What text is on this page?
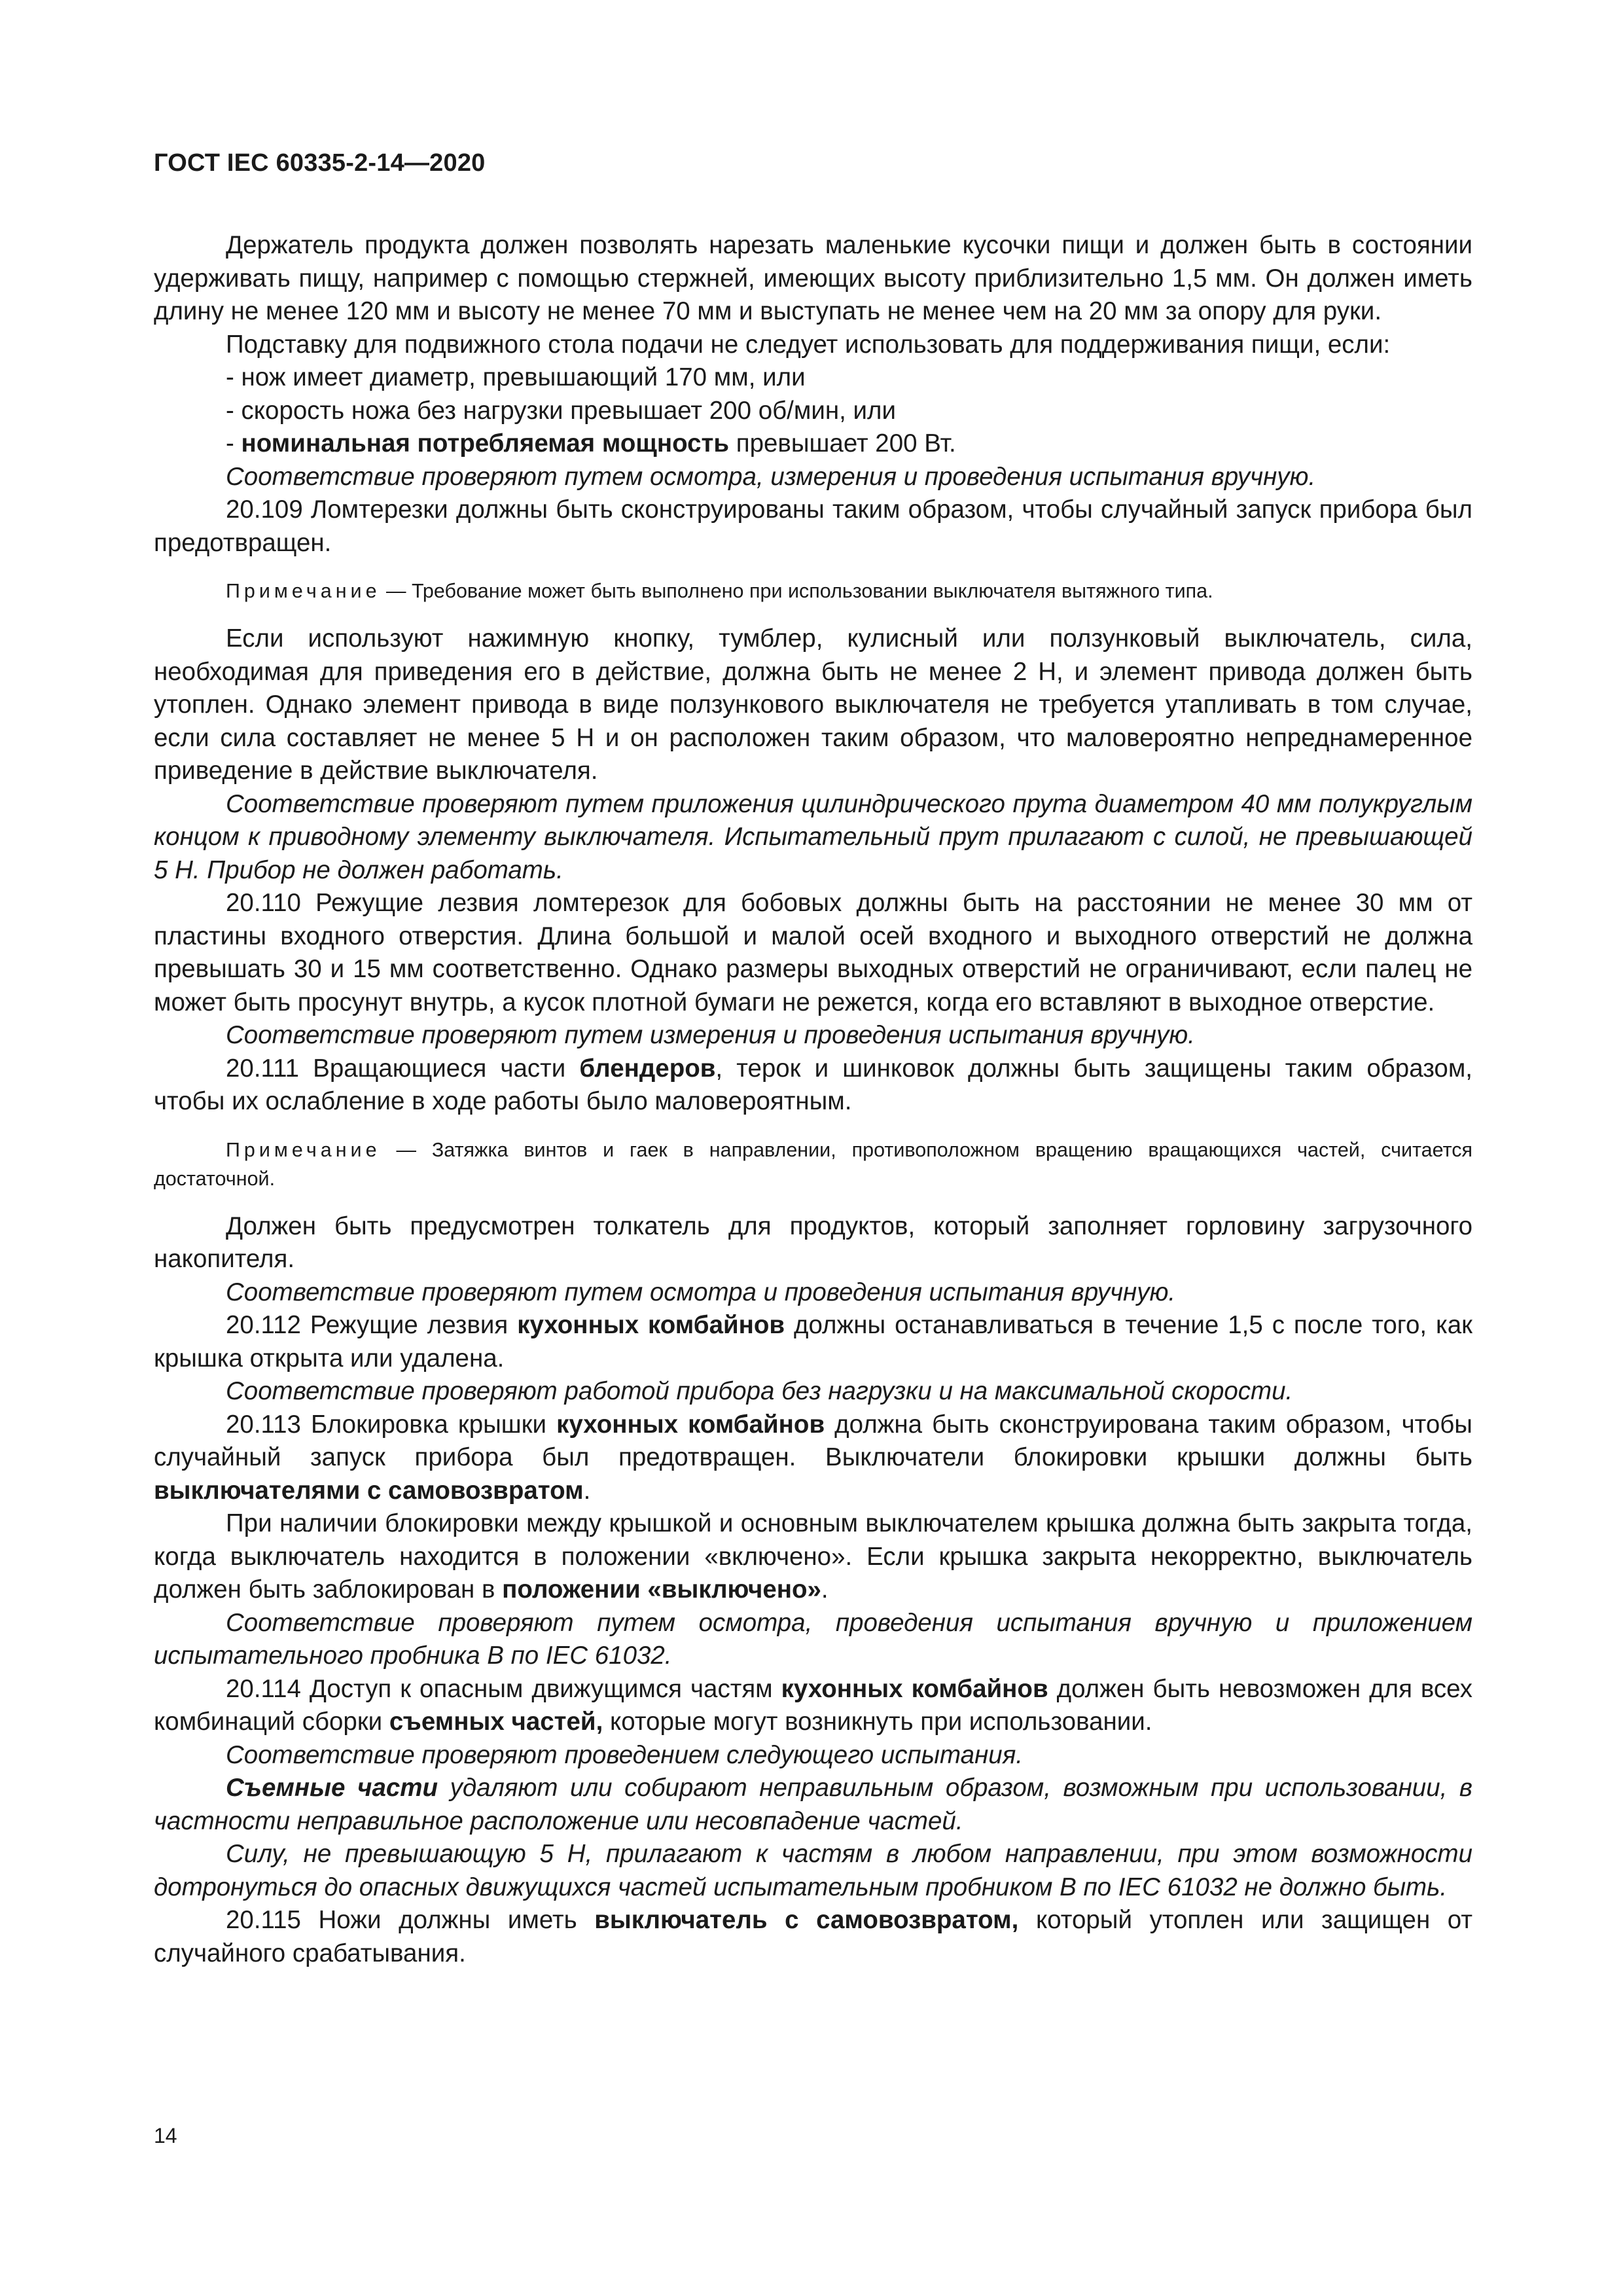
ГОСТ IEC 60335-2-14—2020

Держатель продукта должен позволять нарезать маленькие кусочки пищи и должен быть в состоянии удерживать пищу, например с помощью стержней, имеющих высоту приблизительно 1,5 мм. Он должен иметь длину не менее 120 мм и высоту не менее 70 мм и выступать не менее чем на 20 мм за опору для руки.

Подставку для подвижного стола подачи не следует использовать для поддерживания пищи, если:

- нож имеет диаметр, превышающий 170 мм, или

- скорость ножа без нагрузки превышает 200 об/мин, или

- номинальная потребляемая мощность превышает 200 Вт.

Соответствие проверяют путем осмотра, измерения и проведения испытания вручную.

20.109 Ломтерезки должны быть сконструированы таким образом, чтобы случайный запуск прибора был предотвращен.

Примечание — Требование может быть выполнено при использовании выключателя вытяжного типа.

Если используют нажимную кнопку, тумблер, кулисный или ползунковый выключатель, сила, необходимая для приведения его в действие, должна быть не менее 2 Н, и элемент привода должен быть утоплен. Однако элемент привода в виде ползункового выключателя не требуется утапливать в том случае, если сила составляет не менее 5 Н и он расположен таким образом, что маловероятно непреднамеренное приведение в действие выключателя.

Соответствие проверяют путем приложения цилиндрического прута диаметром 40 мм полукруглым концом к приводному элементу выключателя. Испытательный прут прилагают с силой, не превышающей 5 Н. Прибор не должен работать.

20.110 Режущие лезвия ломтерезок для бобовых должны быть на расстоянии не менее 30 мм от пластины входного отверстия. Длина большой и малой осей входного и выходного отверстий не должна превышать 30 и 15 мм соответственно. Однако размеры выходных отверстий не ограничивают, если палец не может быть просунут внутрь, а кусок плотной бумаги не режется, когда его вставляют в выходное отверстие.

Соответствие проверяют путем измерения и проведения испытания вручную.

20.111 Вращающиеся части блендеров, терок и шинковок должны быть защищены таким образом, чтобы их ослабление в ходе работы было маловероятным.

Примечание — Затяжка винтов и гаек в направлении, противоположном вращению вращающихся частей, считается достаточной.

Должен быть предусмотрен толкатель для продуктов, который заполняет горловину загрузочного накопителя.

Соответствие проверяют путем осмотра и проведения испытания вручную.

20.112 Режущие лезвия кухонных комбайнов должны останавливаться в течение 1,5 с после того, как крышка открыта или удалена.

Соответствие проверяют работой прибора без нагрузки и на максимальной скорости.

20.113 Блокировка крышки кухонных комбайнов должна быть сконструирована таким образом, чтобы случайный запуск прибора был предотвращен. Выключатели блокировки крышки должны быть выключателями с самовозвратом.

При наличии блокировки между крышкой и основным выключателем крышка должна быть закрыта тогда, когда выключатель находится в положении «включено». Если крышка закрыта некорректно, выключатель должен быть заблокирован в положении «выключено».

Соответствие проверяют путем осмотра, проведения испытания вручную и приложением испытательного пробника В по IEC 61032.

20.114 Доступ к опасным движущимся частям кухонных комбайнов должен быть невозможен для всех комбинаций сборки съемных частей, которые могут возникнуть при использовании.

Соответствие проверяют проведением следующего испытания.

Съемные части удаляют или собирают неправильным образом, возможным при использовании, в частности неправильное расположение или несовпадение частей.

Силу, не превышающую 5 Н, прилагают к частям в любом направлении, при этом возможности дотронуться до опасных движущихся частей испытательным пробником В по IEC 61032 не должно быть.

20.115 Ножи должны иметь выключатель с самовозвратом, который утоплен или защищен от случайного срабатывания.

14
